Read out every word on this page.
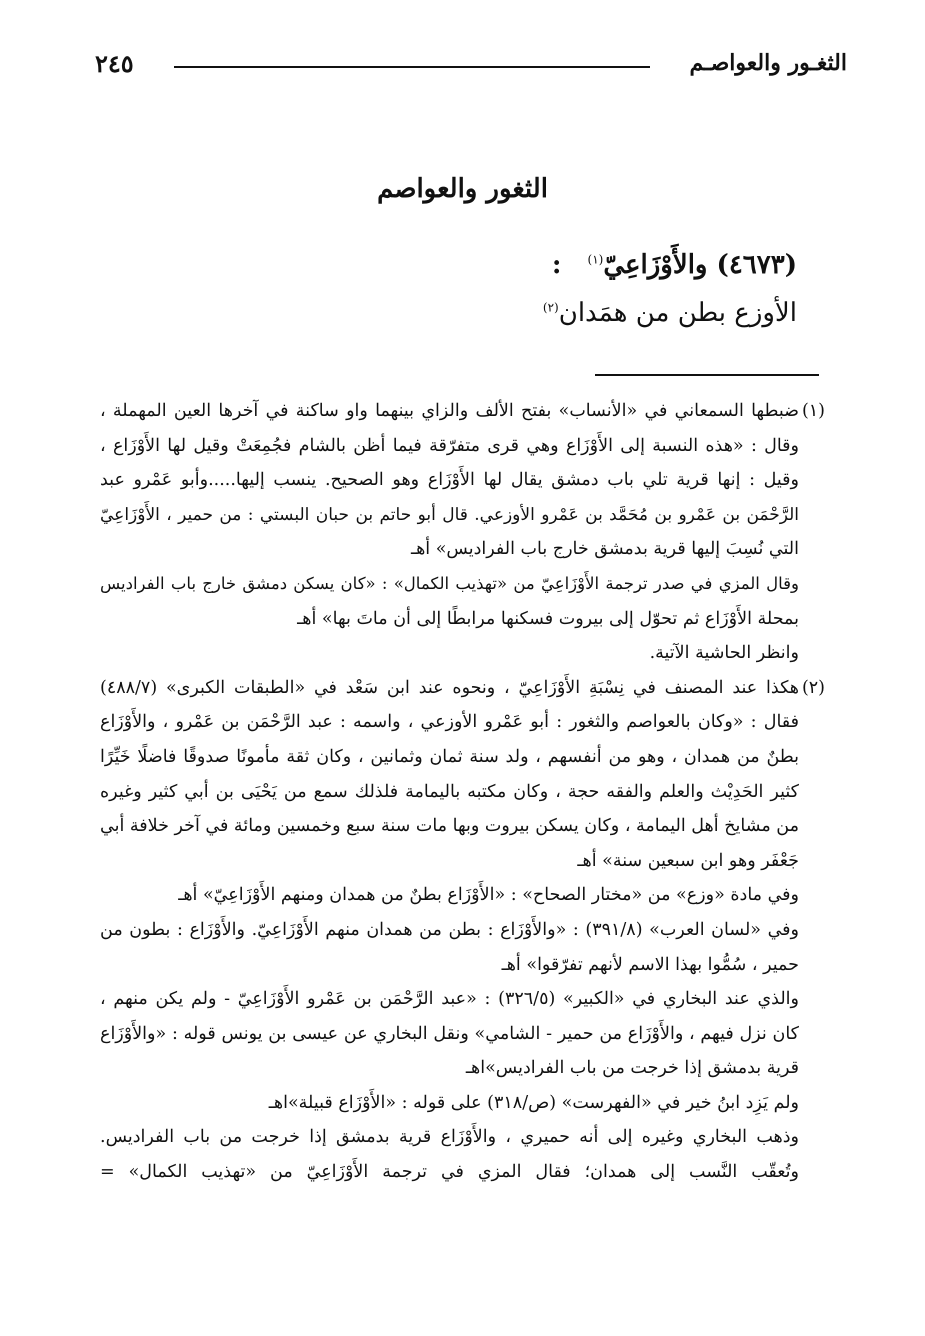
الثغـور والعواصـم
٢٤٥
الثغور والعواصم
(٤٦٧٣) والأَوْزَاعِيّ$^{(١)}$:
الأوزع بطن من همَدان$^{(٢)}$
(١)ضبطها السمعاني في «الأنساب» بفتح الألف والزاي بينهما واو ساكنة في آخرها العين المهملة ،
وقال : «هذه النسبة إلى الأَوْزَاع وهي قرى متفرّقة فيما أظن بالشام فجُمِعَتْ وقيل لها الأَوْزَاع ،
وقيل : إنها قرية تلي باب دمشق يقال لها الأَوْزَاع وهو الصحيح. ينسب إليها.....وأبو عَمْرو عبد
الرَّحْمَن بن عَمْرو بن مُحَمَّد بن عَمْرو الأوزعي. قال أبو حاتم بن حبان البستي : من حمير ، الأَوْزَاعِيّ
التي نُسِبَ إليها قرية بدمشق خارج باب الفراديس» أهـ
وقال المزي في صدر ترجمة الأَوْزَاعِيّ من «تهذيب الكمال» : «كان يسكن دمشق خارج باب الفراديس
بمحلة الأَوْزَاع ثم تحوّل إلى بيروت فسكنها مرابطًا إلى أن ماتَ بها» أهـ
وانظر الحاشية الآتية.
(٢)هكذا عند المصنف في نِسْبَةِ الأَوْزَاعِيّ ، ونحوه عند ابن سَعْد في «الطبقات الكبرى» (٤٨٨/٧)
فقال : «وكان بالعواصم والثغور : أبو عَمْرو الأوزعي ، واسمه : عبد الرَّحْمَن بن عَمْرو ، والأَوْزَاع
بطنٌ من همدان ، وهو من أنفسهم ، ولد سنة ثمان وثمانين ، وكان ثقة مأمونًا صدوقًا فاضلًا خَيِّرًا
كثير الحَدِيْث والعلم والفقه حجة ، وكان مكتبه باليمامة فلذلك سمع من يَحْيَى بن أبي كثير وغيره
من مشايخ أهل اليمامة ، وكان يسكن بيروت وبها مات سنة سبع وخمسين ومائة في آخر خلافة أبي
جَعْفَر وهو ابن سبعين سنة» أهـ
وفي مادة «وزع» من «مختار الصحاح» : «الأَوْزَاع بطنٌ من همدان ومنهم الأَوْزَاعِيّ» أهـ
وفي «لسان العرب» (٣٩١/٨) : «والأَوْزَاع : بطن من همدان منهم الأَوْزَاعِيّ. والأَوْزَاع : بطون من
حمير ، سُمُّوا بهذا الاسم لأنهم تفرّقوا» أهـ
والذي عند البخاري في «الكبير» (٣٢٦/٥) : «عبد الرَّحْمَن بن عَمْرو الأَوْزَاعِيّ - ولم يكن منهم ،
كان نزل فيهم ، والأَوْزَاع من حمير - الشامي» ونقل البخاري عن عيسى بن يونس قوله : «والأَوْزَاع
قرية بدمشق إذا خرجت من باب الفراديس»اهـ
ولم يَزِد ابنُ خير في «الفهرست» (ص/٣١٨) على قوله : «الأَوْزَاع قبيلة»اهـ
وذهب البخاري وغيره إلى أنه حميري ، والأَوْزَاع قرية بدمشق إذا خرجت من باب الفراديس.
وتُعقّب النَّسب إلى همدان؛ فقال المزي في ترجمة الأَوْزَاعِيّ من «تهذيب الكمال» =
